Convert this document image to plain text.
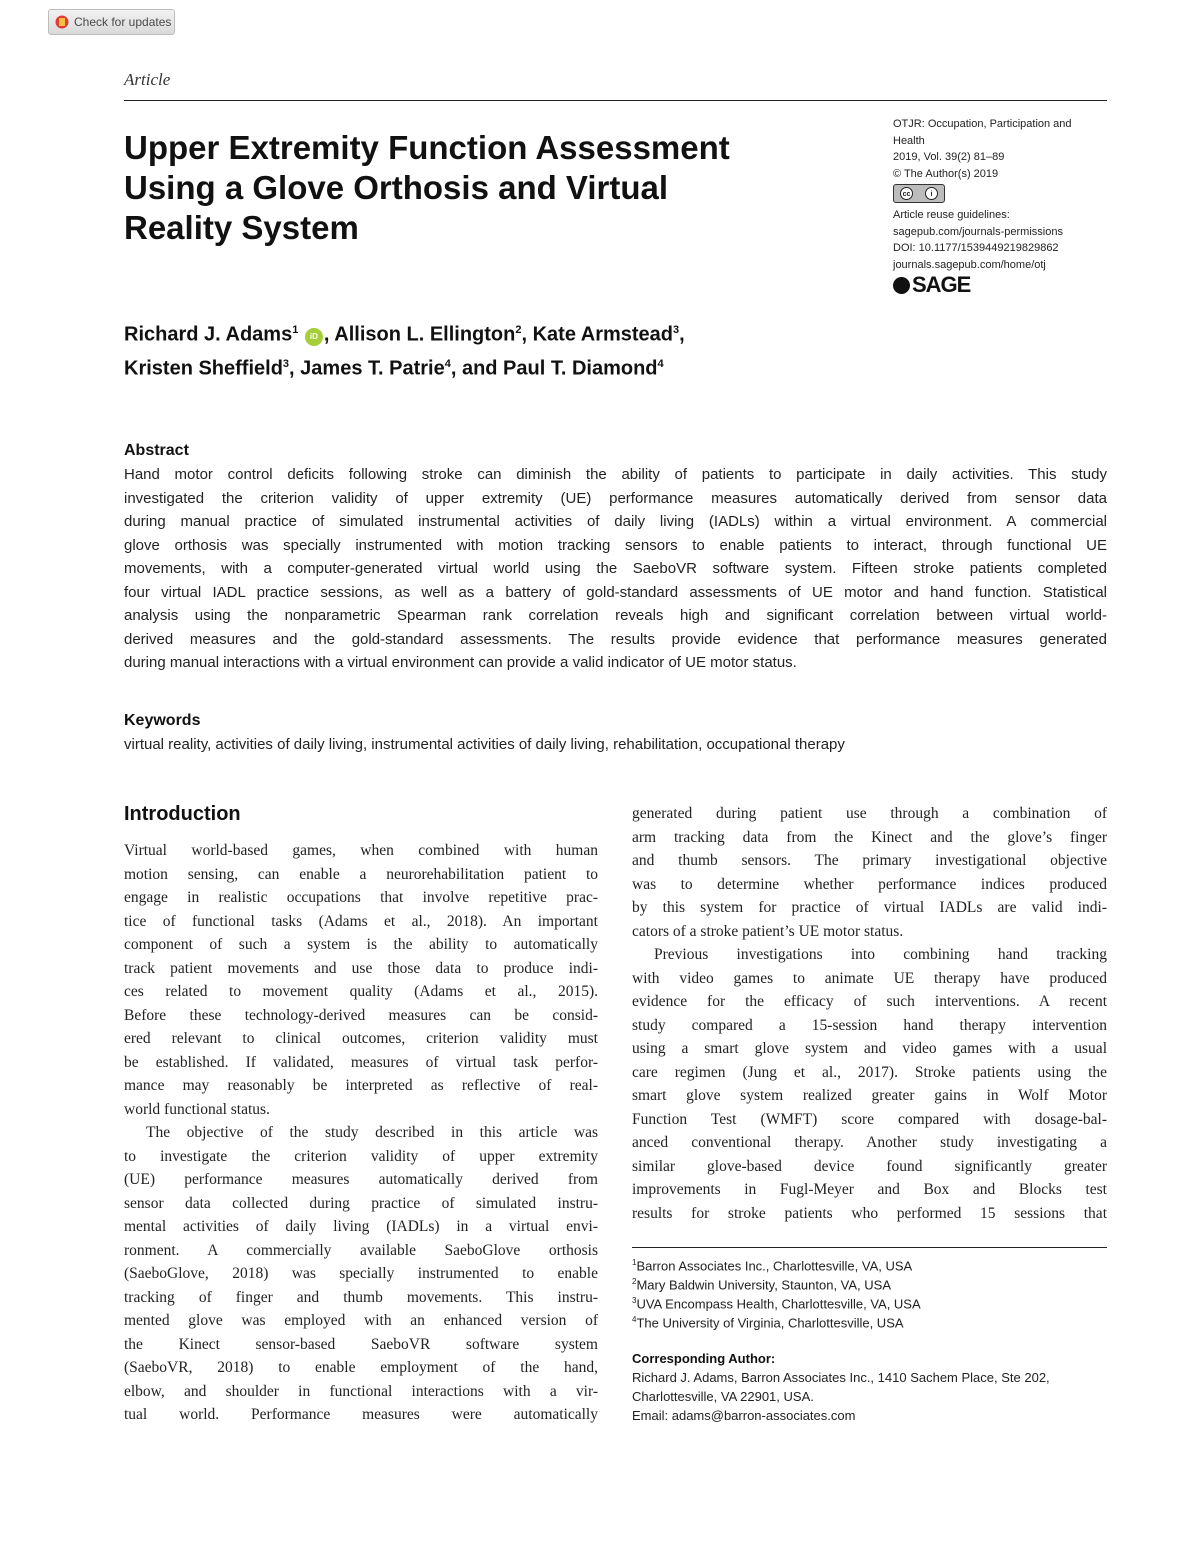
Check for updates
Article
Upper Extremity Function Assessment
Using a Glove Orthosis and Virtual
Reality System
OTJR: Occupation, Participation and
Health
2019, Vol. 39(2) 81–89
© The Author(s) 2019
cc	i
Article reuse guidelines:
sagepub.com/journals-permissions
DOI: 10.1177/1539449219829862
journals.sagepub.com/home/otj
SAGE
Richard J. Adams$^1$ iD , Allison L. Ellington$^2$, Kate Armstead$^3$,
Kristen Sheffield$^3$, James T. Patrie$^4$, and Paul T. Diamond$^4$
Abstract
Hand motor control deficits following stroke can diminish the ability of patients to participate in daily activities. This study
investigated the criterion validity of upper extremity (UE) performance measures automatically derived from sensor data
during manual practice of simulated instrumental activities of daily living (IADLs) within a virtual environment. A commercial
glove orthosis was specially instrumented with motion tracking sensors to enable patients to interact, through functional UE
movements, with a computer-generated virtual world using the SaeboVR software system. Fifteen stroke patients completed
four virtual IADL practice sessions, as well as a battery of gold-standard assessments of UE motor and hand function. Statistical
analysis using the nonparametric Spearman rank correlation reveals high and significant correlation between virtual world-
derived measures and the gold-standard assessments. The results provide evidence that performance measures generated
during manual interactions with a virtual environment can provide a valid indicator of UE motor status.
Keywords
virtual reality, activities of daily living, instrumental activities of daily living, rehabilitation, occupational therapy
Introduction
Virtual world-based games, when combined with human
motion sensing, can enable a neurorehabilitation patient to
engage in realistic occupations that involve repetitive prac-
tice of functional tasks (Adams et al., 2018). An important
component of such a system is the ability to automatically
track patient movements and use those data to produce indi-
ces related to movement quality (Adams et al., 2015).
Before these technology-derived measures can be consid-
ered relevant to clinical outcomes, criterion validity must
be established. If validated, measures of virtual task perfor-
mance may reasonably be interpreted as reflective of real-
world functional status.
The objective of the study described in this article was
to investigate the criterion validity of upper extremity
(UE) performance measures automatically derived from
sensor data collected during practice of simulated instru-
mental activities of daily living (IADLs) in a virtual envi-
ronment. A commercially available SaeboGlove orthosis
(SaeboGlove, 2018) was specially instrumented to enable
tracking of finger and thumb movements. This instru-
mented glove was employed with an enhanced version of
the Kinect sensor-based SaeboVR software system
(SaeboVR, 2018) to enable employment of the hand,
elbow, and shoulder in functional interactions with a vir-
tual world. Performance measures were automatically
generated during patient use through a combination of
arm tracking data from the Kinect and the glove’s finger
and thumb sensors. The primary investigational objective
was to determine whether performance indices produced
by this system for practice of virtual IADLs are valid indi-
cators of a stroke patient’s UE motor status.
Previous investigations into combining hand tracking
with video games to animate UE therapy have produced
evidence for the efficacy of such interventions. A recent
study compared a 15-session hand therapy intervention
using a smart glove system and video games with a usual
care regimen (Jung et al., 2017). Stroke patients using the
smart glove system realized greater gains in Wolf Motor
Function Test (WMFT) score compared with dosage-bal-
anced conventional therapy. Another study investigating a
similar glove-based device found significantly greater
improvements in Fugl-Meyer and Box and Blocks test
results for stroke patients who performed 15 sessions that
$^1$Barron Associates Inc., Charlottesville, VA, USA
$^2$Mary Baldwin University, Staunton, VA, USA
$^3$UVA Encompass Health, Charlottesville, VA, USA
$^4$The University of Virginia, Charlottesville, USA
Corresponding Author:
Richard J. Adams, Barron Associates Inc., 1410 Sachem Place, Ste 202,
Charlottesville, VA 22901, USA.
Email: adams@barron-associates.com
